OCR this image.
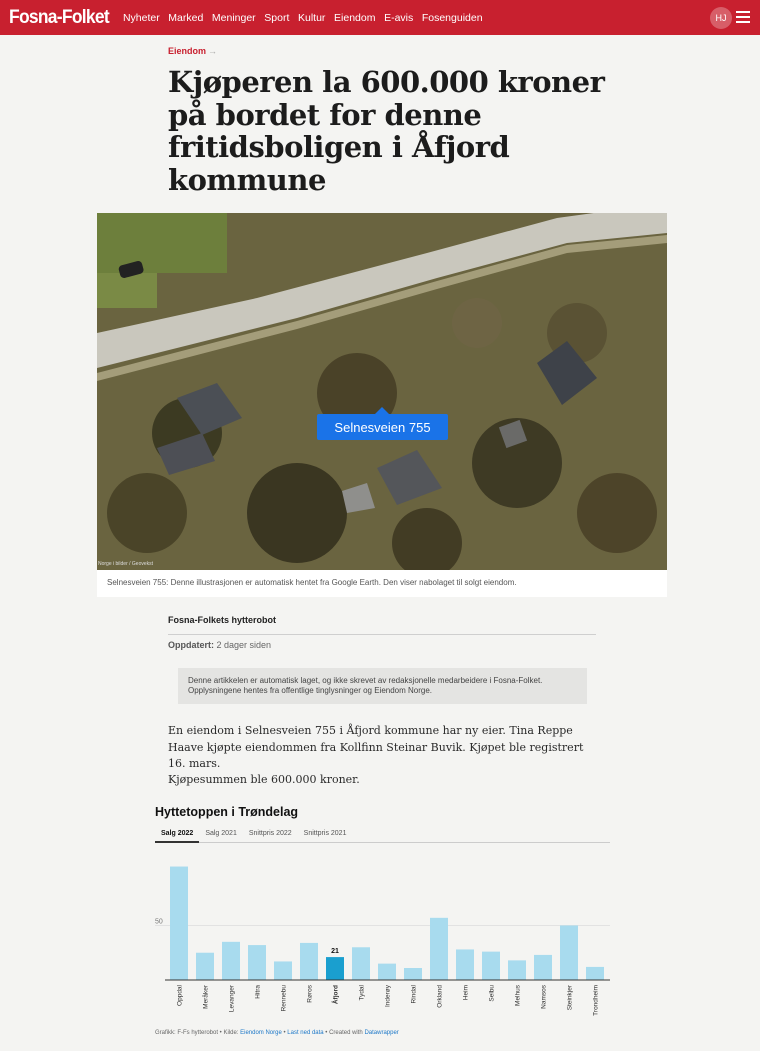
Fosna-Folket	Nyheter Marked Meninger Sport Kultur Eiendom E-avis Fosenguiden	HJ
Eiendom →
Kjøperen la 600.000 kroner på bordet for denne fritidsboligen i Åfjord kommune
Selnesveien 755
Norge i bilder / Geovekst
Selnesveien 755: Denne illustrasjonen er automatisk hentet fra Google Earth. Den viser nabolaget til solgt eiendom.
Fosna-Folkets hytterobot
Oppdatert: 2 dager siden
Denne artikkelen er automatisk laget, og ikke skrevet av redaksjonelle medarbeidere i Fosna-Folket. Opplysningene hentes fra offentlige tinglysninger og Eiendom Norge.

En eiendom i Selnesveien 755 i Åfjord kommune har ny eier. Tina Reppe Haave kjøpte eiendommen fra Kollfinn Steinar Buvik. Kjøpet ble registrert 16. mars.

Kjøpesummen ble 600.000 kroner.

Hyttetoppen i Trøndelag
Salg 2022	Salg 2021	Snittpris 2022	Snittpris 2021
50
Oppdal	Meråker	Levanger	Hitra	Rennebu	Røros
21
Åfjord	Tydal	Inderøy	Rindal	Orkland	Heim	Selbu	Melhus	Namsos	Steinkjer	Trondheim
Grafikk: F-Fs hytterobot • Kilde: Eiendom Norge • Last ned data • Created with Datawrapper
